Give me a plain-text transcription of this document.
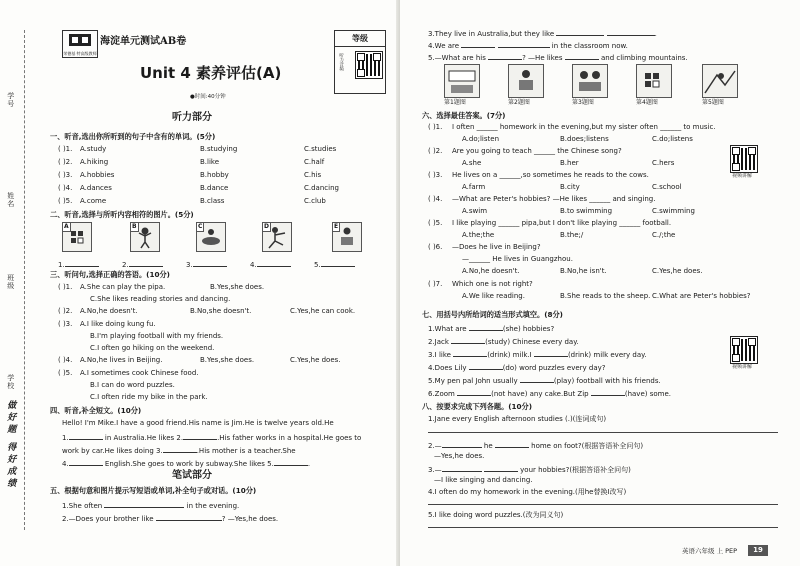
学号
姓名
班级
学校
做好题 得好成绩
荣德基 特高级教师
海淀单元测试AB卷	等级
听力音频
Unit 4 素养评估(A)
●时间:40分钟
听力部分
一、听音,选出你所听到的句子中含有的单词。(5分)
( )1. A.study	B.studying	C.studies
( )2. A.hiking	B.like	C.half
( )3. A.hobbies	B.hobby	C.his
( )4. A.dances	B.dance	C.dancing
( )5. A.come	B.class	C.club
二、听音,选择与所听内容相符的图片。(5分)
A	B	C	D	E
1.	2.	3.	4.	5.
三、听问句,选择正确的答语。(10分)
( )1. A.She can play the pipa.	B.Yes,she does.
C.She likes reading stories and dancing.
( )2. A.No,he doesn't.	B.No,she doesn't.	C.Yes,he can cook.
( )3. A.I like doing kung fu.
B.I'm playing football with my friends.
C.I often go hiking on the weekend.
( )4. A.No,he lives in Beijing.	B.Yes,she does.	C.Yes,he does.
( )5. A.I sometimes cook Chinese food.
B.I can do word puzzles.
C.I often ride my bike in the park.
四、听音,补全短文。(10分)
Hello! I'm Mike.I have a good friend.His name is Jim.He is twelve years old.He
1.	in Australia.He likes 2.	.His father works in a hospital.He goes to
work by car.He likes doing 3.	.His mother is a teacher.She
4.	English.She goes to work by subway.She likes 5.	.
笔试部分
五、根据句意和图片提示写短语或单词,补全句子或对话。(10分)
1.She often	in the evening.
2.—Does your brother like	? —Yes,he does.
3.They live in Australia,but they like	.
4.We are	in the classroom now.
5.—What are his	? —He likes	and climbing mountains.
第1题图	第2题图	第3题图	第4题图	第5题图
六、选择最佳答案。(7分)
( )1. I often ______ homework in the evening,but my sister often ______ to music.
A.do;listen	B.does;listens	C.do;listens
( )2. Are you going to teach ______ the Chinese song?
A.she	B.her	C.hers
( )3. He lives on a ______,so sometimes he reads to the cows.
A.farm	B.city	C.school
( )4. —What are Peter's hobbies? —He likes ______ and singing.
A.swim	B.to swimming	C.swimming
( )5. I like playing ______ pipa,but I don't like playing ______ football.
A.the;the	B.the;/	C./;the
( )6. —Does he live in Beijing?
—______ He lives in Guangzhou.
A.No,he doesn't.	B.No,he isn't.	C.Yes,he does.
( )7. Which one is not right?
A.We like reading.	B.She reads to the sheep. C.What are Peter's hobbies?
视频讲解
七、用括号内所给词的适当形式填空。(8分)
1.What are	(she) hobbies?
2.Jack	(study) Chinese every day.
3.I like	(drink) milk.I	(drink) milk every day.
4.Does Lily	(do) word puzzles every day?
5.My pen pal John usually	(play) football with his friends.
6.Zoom	(not have) any cake.But Zip	(have) some.
视频讲解
八、按要求完成下列各题。(10分)
1.Jane every English afternoon studies (.)(连词成句)
2.—	he	home on foot?(根据答语补全问句)
—Yes,he does.
3.—	your hobbies?(根据答语补全问句)
—I like singing and dancing.
4.I often do my homework in the evening.(用he替换I改写)
5.I like doing word puzzles.(改为同义句)
英语六年级 上 PEP	19
